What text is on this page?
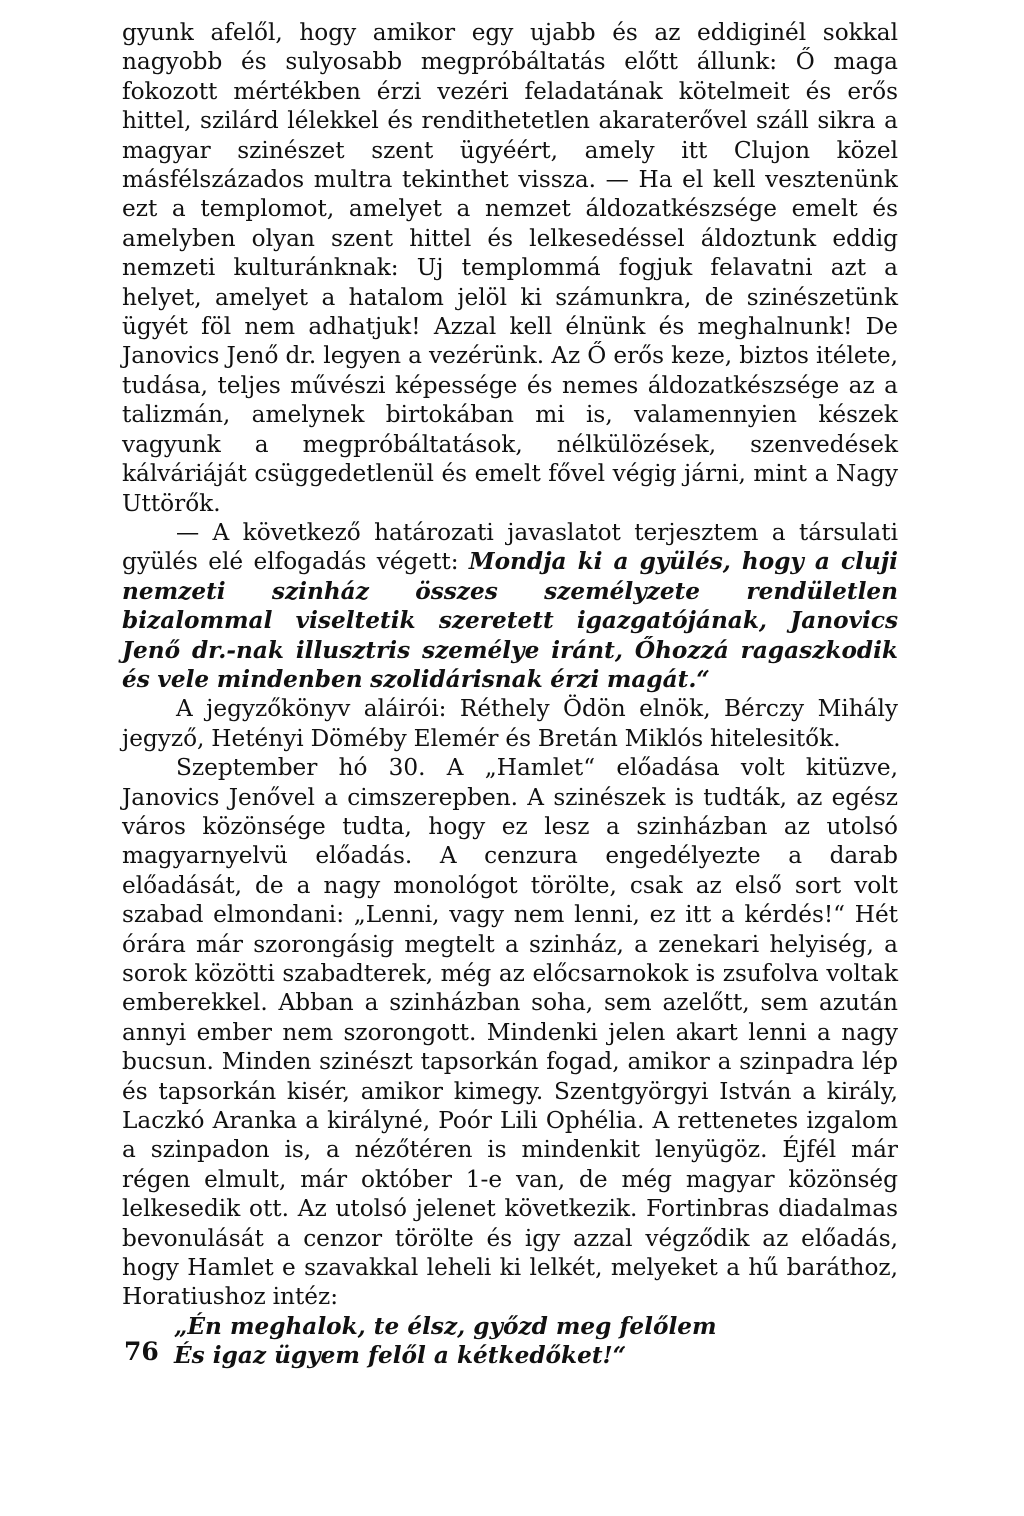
gyunk afelől, hogy amikor egy ujabb és az eddiginél sokkal nagyobb és sulyosabb megpróbáltatás előtt állunk: Ő maga fokozott mértékben érzi vezéri feladatának kötelmeit és erős hittel, szilárd lélekkel és rendithetetlen akaraterővel száll sikra a magyar szinészet szent ügyéért, amely itt Clujon közel másfélszázados multra tekinthet vissza. — Ha el kell vesztenünk ezt a templomot, amelyet a nemzet áldozatkészsége emelt és amelyben olyan szent hittel és lelkesedéssel áldoztunk eddig nemzeti kulturánknak: Uj templommá fogjuk felavatni azt a helyet, amelyet a hatalom jelöl ki számunkra, de szinészetünk ügyét föl nem adhatjuk! Azzal kell élnünk és meghalnunk! De Janovics Jenő dr. legyen a vezérünk. Az Ő erős keze, biztos itélete, tudása, teljes művészi képessége és nemes áldozatkészsége az a talizmán, amelynek birtokában mi is, valamennyien készek vagyunk a megpróbáltatások, nélkülözések, szenvedések kálváriáját csüggedetlenül és emelt fővel végig járni, mint a Nagy Uttörők.

— A következő határozati javaslatot terjesztem a társulati gyülés elé elfogadás végett: Mondja ki a gyülés, hogy a cluji nemzeti szinház összes személyzete rendületlen bizalommal viseltetik szeretett igazgatójának, Janovics Jenő dr.-nak illusztris személye iránt, Őhozzá ragaszkodik és vele mindenben szolidárisnak érzi magát.“

A jegyzőkönyv aláirói: Réthely Ödön elnök, Bérczy Mihály jegyző, Hetényi Döméby Elemér és Bretán Miklós hitelesitők.

Szeptember hó 30. A „Hamlet“ előadása volt kitüzve, Janovics Jenővel a cimszerepben. A szinészek is tudták, az egész város közönsége tudta, hogy ez lesz a szinházban az utolsó magyarnyelvü előadás. A cenzura engedélyezte a darab előadását, de a nagy monológot törölte, csak az első sort volt szabad elmondani: „Lenni, vagy nem lenni, ez itt a kérdés!“ Hét órára már szorongásig megtelt a szinház, a zenekari helyiség, a sorok közötti szabadterek, még az előcsarnokok is zsufolva voltak emberekkel. Abban a szinházban soha, sem azelőtt, sem azután annyi ember nem szorongott. Mindenki jelen akart lenni a nagy bucsun. Minden szinészt tapsorkán fogad, amikor a szinpadra lép és tapsorkán kisér, amikor kimegy. Szentgyörgyi István a király, Laczkó Aranka a királyné, Poór Lili Ophélia. A rettenetes izgalom a szinpadon is, a nézőtéren is mindenkit lenyügöz. Éjfél már régen elmult, már október 1-e van, de még magyar közönség lelkesedik ott. Az utolsó jelenet következik. Fortinbras diadalmas bevonulását a cenzor törölte és igy azzal végződik az előadás, hogy Hamlet e szavakkal leheli ki lelkét, melyeket a hű baráthoz, Horatiushoz intéz:

„Én meghalok, te élsz, győzd meg felőlem
És igaz ügyem felől a kétkedőket!“
76
